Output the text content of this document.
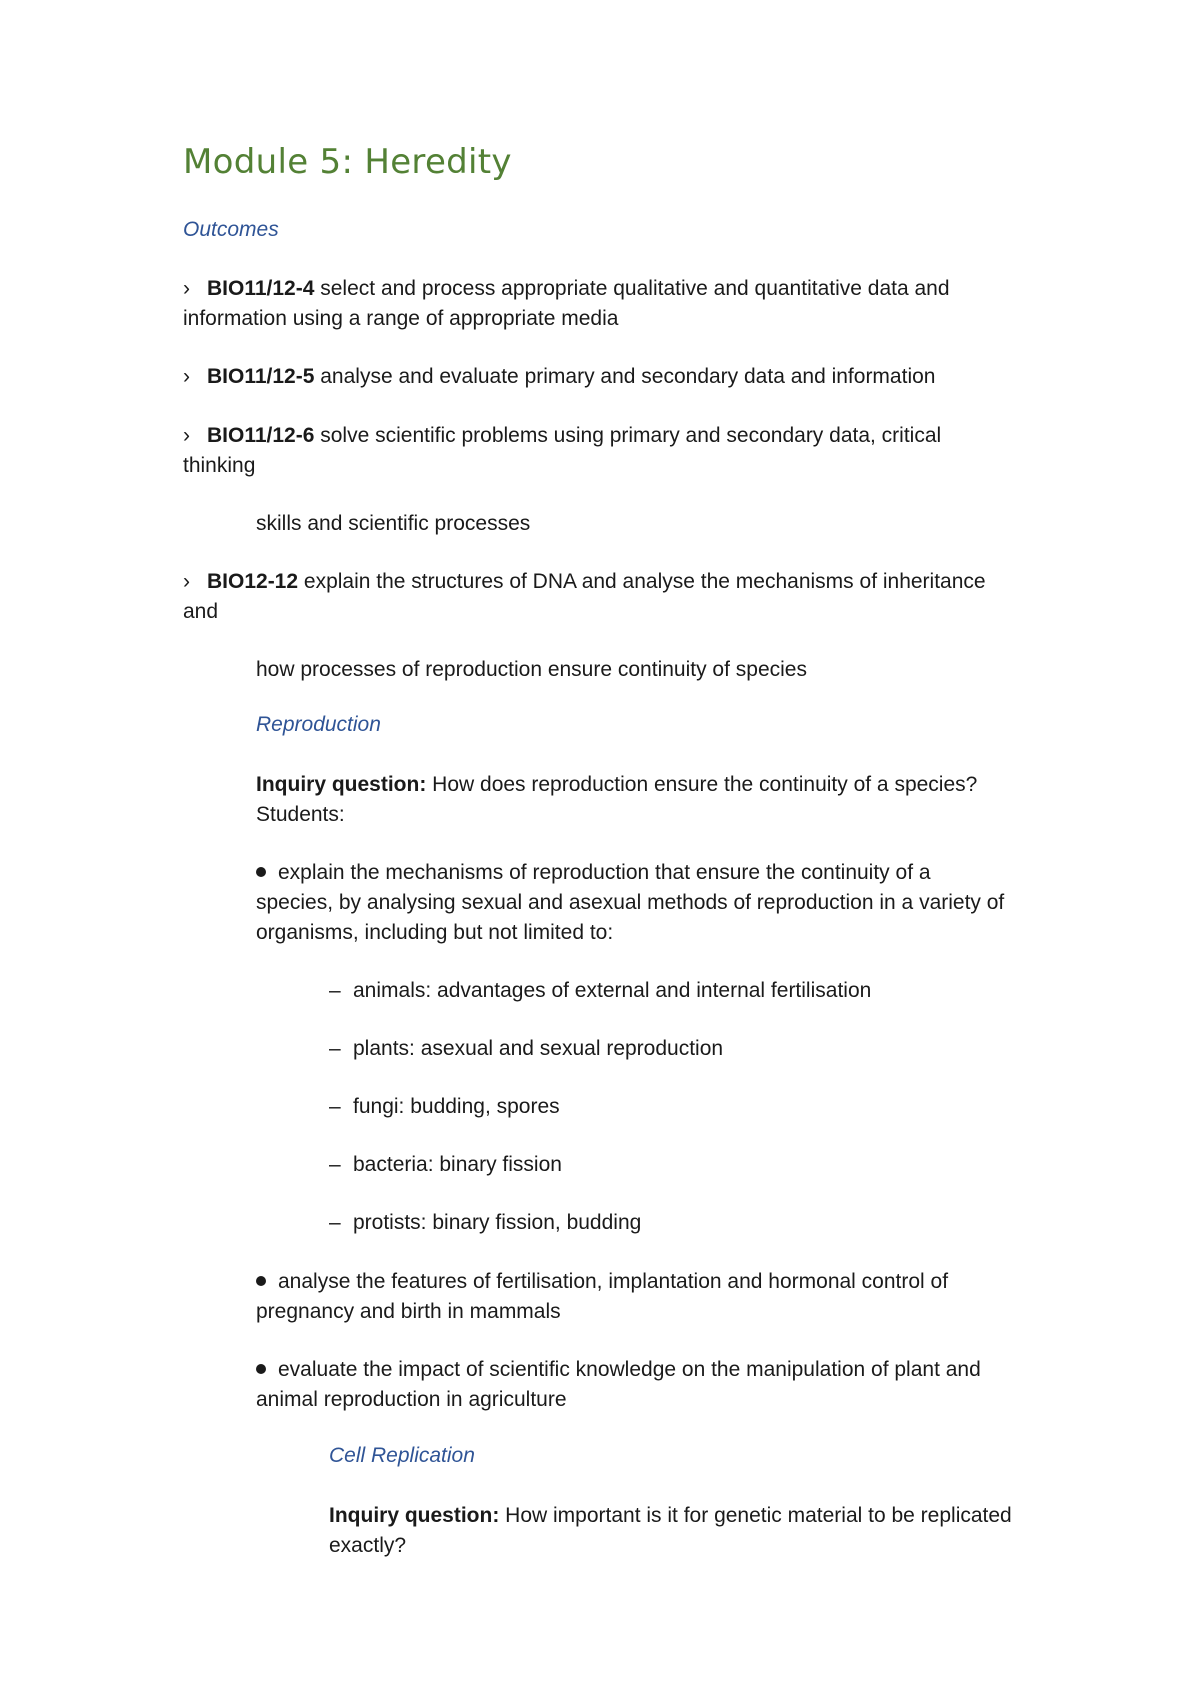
Module 5: Heredity
Outcomes
› BIO11/12-4 select and process appropriate qualitative and quantitative data and
information using a range of appropriate media
› BIO11/12-5 analyse and evaluate primary and secondary data and information
› BIO11/12-6 solve scientific problems using primary and secondary data, critical
thinking
skills and scientific processes
› BIO12-12 explain the structures of DNA and analyse the mechanisms of inheritance
and
how processes of reproduction ensure continuity of species
Reproduction
Inquiry question: How does reproduction ensure the continuity of a species?
Students:
explain the mechanisms of reproduction that ensure the continuity of a
species, by analysing sexual and asexual methods of reproduction in a variety of
organisms, including but not limited to:
– animals: advantages of external and internal fertilisation
– plants: asexual and sexual reproduction
– fungi: budding, spores
– bacteria: binary fission
– protists: binary fission, budding
analyse the features of fertilisation, implantation and hormonal control of
pregnancy and birth in mammals
evaluate the impact of scientific knowledge on the manipulation of plant and
animal reproduction in agriculture
Cell Replication
Inquiry question: How important is it for genetic material to be replicated
exactly?
